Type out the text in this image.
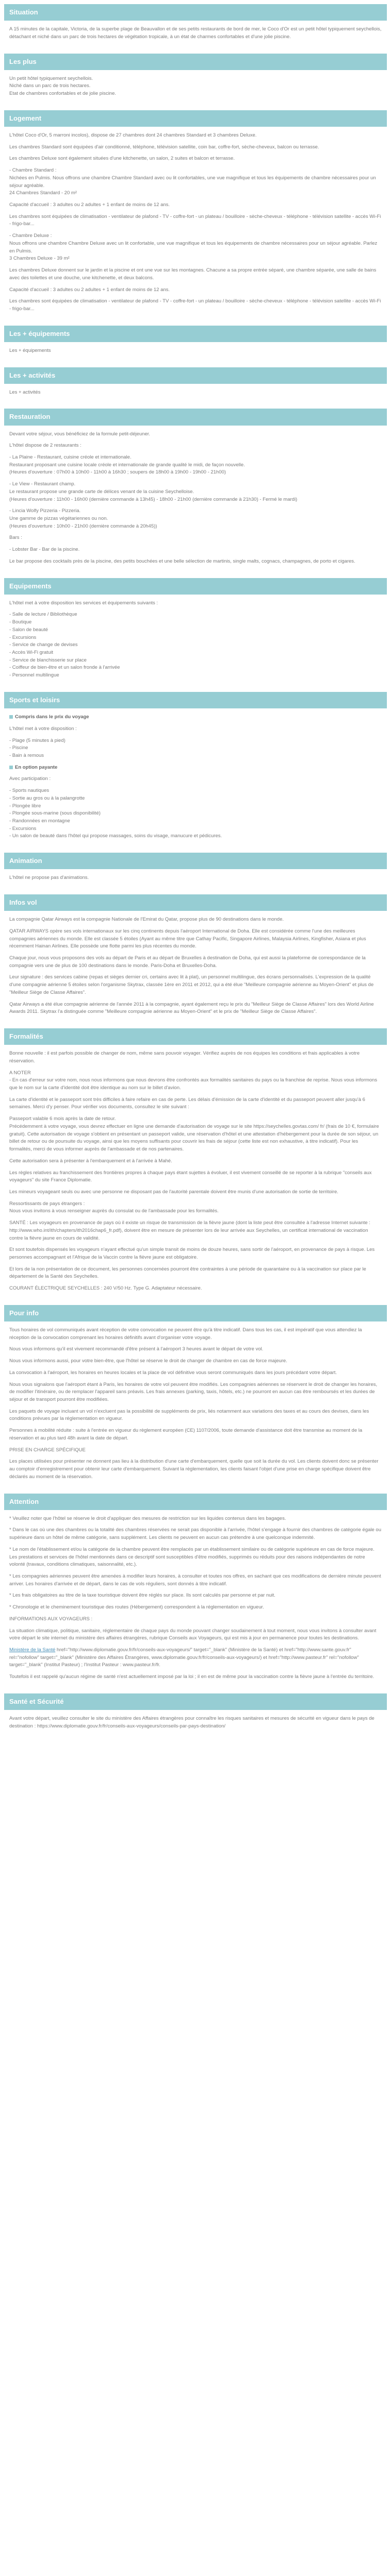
Situation

A 15 minutes de la capitale, Victoria, de la superbe plage de Beauvallon et de ses petits restaurants de bord de mer, le Coco d'Or est un petit hôtel typiquement seychellois, détachant et niché dans un parc de trois hectares de végétation tropicale, à un état de charmes confortables et d'une jolie piscine.

Les plus

Un petit hôtel typiquement seychellois.
Niché dans un parc de trois hectares.
Etat de chambres confortables et de jolie piscine.

Logement

L'hôtel Coco d'Or, 5 marroni incolos), dispose de 27 chambres dont 24 chambres Standard et 3 chambres Deluxe.

Les chambres Standard sont équipées d'air conditionné, téléphone, télévision satellite, coin bar, coffre-fort, sèche-cheveux, balcon ou terrasse.

Les chambres Deluxe sont également situées d'une kitchenette, un salon, 2 suites et balcon et terrasse.

- Chambre Standard :
Nichées en Pulmis. Nous offrons une chambre Chambre Standard avec ou lit confortables, une vue magnifique et tous les équipements de chambre nécessaires pour un séjour agréable.
24 Chambres Standard - 20 m²

Capacité d'accueil : 3 adultes ou 2 adultes + 1 enfant de moins de 12 ans.

Les chambres sont équipées de climatisation - ventilateur de plafond - TV - coffre-fort - un plateau / bouilloire - sèche-cheveux - téléphone - télévision satellite - accès Wi-Fi - frigo-bar...

- Chambre Deluxe :
Nous offrons une chambre Chambre Deluxe avec un lit confortable, une vue magnifique et tous les équipements de chambre nécessaires pour un séjour agréable. Parlez en Pulmis.
3 Chambres Deluxe - 39 m²

Les chambres Deluxe donnent sur le jardin et la piscine et ont une vue sur les montagnes. Chacune a sa propre entrée séparé, une chambre séparée, une salle de bains avec des toilettes et une douche, une kitchenette, et deux balcons.

Capacité d'accueil : 3 adultes ou 2 adultes + 1 enfant de moins de 12 ans.

Les chambres sont équipées de climatisation - ventilateur de plafond - TV - coffre-fort - un plateau / bouilloire - sèche-cheveux - téléphone - télévision satellite - accès Wi-Fi - frigo-bar...

Les + équipements

Les + équipements

Les + activités

Les + activités

Restauration

Devant votre séjour, vous bénéficiez de la formule petit-déjeuner.

L'hôtel dispose de 2 restaurants :

- La Plaine - Restaurant, cuisine créole et internationale.
Restaurant proposant une cuisine locale créole et internationale de grande qualité le midi, de façon nouvelle.
(Heures d'ouverture : 07h00 à 10h00 - 11h00 à 16h30 ; soupers de 18h00 à 19h00 - 19h00 - 21h00)

- Le View - Restaurant champ.
Le restaurant propose une grande carte de délices venant de la cuisine Seychelloise.
(Heures d'ouverture : 11h00 - 16h00 (dernière commande à 13h45) - 18h00 - 21h00 (dernière commande à 21h30) - Fermé le mardi)

- Lincia Wolfy Pizzeria - Pizzeria.
Une gamme de pizzas végétariennes ou non.
(Heures d'ouverture : 10h00 - 21h00 (dernière commande à 20h45))

Bars :

- Lobster Bar - Bar de la piscine.

Le bar propose des cocktails près de la piscine, des petits bouchées et une belle sélection de martinis, single malts, cognacs, champagnes, de porto et cigares.

Equipements

L'hôtel met à votre disposition les services et équipements suivants :

- Salle de lecture / Bibliothèque
- Boutique
- Salon de beauté
- Excursions
- Service de change de devises
- Accès Wi-Fi gratuit
- Service de blanchisserie sur place
- Coiffeur de bien-être et un salon fronde à l'arrivée
- Personnel multilingue

Sports et loisirs

Compris dans le prix du voyage

L'hôtel met à votre disposition :

- Plage (5 minutes à pied)
- Piscine
- Bain à remous

En option payante

Avec participation :

- Sports nautiques
- Sortie au gros ou à la palangrotte
- Plongée libre
- Plongée sous-marine (sous disponibilité)
- Randonnées en montagne
- Excursions
- Un salon de beauté dans l'hôtel qui propose massages, soins du visage, manucure et pédicures.

Animation

L'hôtel ne propose pas d'animations.

Infos vol

La compagnie Qatar Airways est la compagnie Nationale de l'Emirat du Qatar, propose plus de 90 destinations dans le monde.

QATAR AIRWAYS opère ses vols internationaux sur les cinq continents depuis l'aéroport International de Doha. Elle est considérée comme l'une des meilleures compagnies aériennes du monde. Elle est classée 5 étoiles (Ayant au même titre que Cathay Pacific, Singapore Airlines, Malaysia Airlines, Kingfisher, Asiana et plus récemment Hainan Airlines. Elle possède une flotte parmi les plus récentes du monde.

Chaque jour, nous vous proposons des vols au départ de Paris et au départ de Bruxelles à destination de Doha, qui est aussi la plateforme de correspondance de la compagnie vers une de plus de 100 destinations dans le monde. Paris-Doha et Bruxelles-Doha.

Leur signature : des services cabine (repas et sièges dernier cri, certains avec lit à plat), un personnel multilingue, des écrans personnalisés. L'expression de la qualité d'une compagnie aérienne 5 étoiles selon l'organisme Skytrax, classée 1ère en 2011 et 2012, qui a été élue "Meilleure compagnie aérienne au Moyen-Orient" et plus de "Meilleur Siège de Classe Affaires".

Qatar Airways a été élue compagnie aérienne de l'année 2011 à la compagnie, ayant également reçu le prix du "Meilleur Siège de Classe Affaires" lors des World Airline Awards 2011. Skytrax l'a distinguée comme "Meilleure compagnie aérienne au Moyen-Orient" et le prix de "Meilleur Siège de Classe Affaires".

Formalités

Bonne nouvelle : il est parfois possible de changer de nom, même sans pouvoir voyager. Vérifiez auprès de nos équipes les conditions et frais applicables à votre réservation.

A NOTER
- En cas d'erreur sur votre nom, nous nous informons que nous devrons être confrontés aux formalités sanitaires du pays ou la franchise de reprise. Nous vous informons que le nom sur la carte d'identité doit être identique au nom sur le billet d'avion.

La carte d'identité et le passeport sont très difficiles à faire refaire en cas de perte. Les délais d'émission de la carte d'identité et du passeport peuvent aller jusqu'à 6 semaines. Merci d'y penser. Pour vérifier vos documents, consultez le site suivant :

Passeport valable 6 mois après la date de retour.
Précédemment à votre voyage, vous devrez effectuer en ligne une demande d'autorisation de voyage sur le site https://seychelles.govtas.com/ fr/ (frais de 10 €, formulaire gratuit). Cette autorisation de voyage s'obtient en présentant un passeport valide, une réservation d'hôtel et une attestation d'hébergement pour la durée de son séjour, un billet de retour ou de poursuite du voyage, ainsi que les moyens suffisants pour couvrir les frais de séjour (cette liste est non exhaustive, à titre indicatif). Pour les formalités, merci de vous informer auprès de l'ambassade et de nos partenaires.

Cette autorisation sera à présenter à l'embarquement et à l'arrivée à Mahé.

Les règles relatives au franchissement des frontières propres à chaque pays étant sujettes à évoluer, il est vivement conseillé de se reporter à la rubrique "conseils aux voyageurs" du site France Diplomatie.

Les mineurs voyageant seuls ou avec une personne ne disposant pas de l'autorité parentale doivent être munis d'une autorisation de sortie de territoire.

Ressortissants de pays étrangers :
Nous vous invitons à vous renseigner auprès du consulat ou de l'ambassade pour les formalités.

SANTÉ : Les voyageurs en provenance de pays où il existe un risque de transmission de la fièvre jaune (dont la liste peut être consultée à l'adresse Internet suivante : http://www.who.int/ith/chapters/ith2016chap6_fr.pdf), doivent être en mesure de présenter lors de leur arrivée aux Seychelles, un certificat international de vaccination contre la fièvre jaune en cours de validité.

Et sont toutefois dispensés les voyageurs n'ayant effectué qu'un simple transit de moins de douze heures, sans sortir de l'aéroport, en provenance de pays à risque. Les personnes accompagnant et l'Afrique de la Vaccin contre la fièvre jaune est obligatoire.

Et lors de la non présentation de ce document, les personnes concernées pourront être contraintes à une période de quarantaine ou à la vaccination sur place par le département de la Santé des Seychelles.

COURANT ÉLECTRIQUE SEYCHELLES : 240 V/50 Hz. Type G. Adaptateur nécessaire.

Pour info

Tous horaires de vol communiqués avant réception de votre convocation ne peuvent être qu'à titre indicatif. Dans tous les cas, il est impératif que vous attendiez la réception de la convocation comprenant les horaires définitifs avant d'organiser votre voyage.

Nous vous informons qu'il est vivement recommandé d'être présent à l'aéroport 3 heures avant le départ de votre vol.

Nous vous informons aussi, pour votre bien-être, que l'hôtel se réserve le droit de changer de chambre en cas de force majeure.

La convocation à l'aéroport, les horaires en heures locales et la place de vol définitive vous seront communiqués dans les jours précédant votre départ.

Nous vous signalons que l'aéroport étant à Paris, les horaires de votre vol peuvent être modifiés. Les compagnies aériennes se réservent le droit de changer les horaires, de modifier l'itinéraire, ou de remplacer l'appareil sans préavis. Les frais annexes (parking, taxis, hôtels, etc.) ne pourront en aucun cas être remboursés et les durées de séjour et de transport pourront être modifiées.

Les paquets de voyage incluant un vol n'excluent pas la possibilité de suppléments de prix, liés notamment aux variations des taxes et au cours des devises, dans les conditions prévues par la réglementation en vigueur.

Personnes à mobilité réduite : suite à l'entrée en vigueur du règlement européen (CE) 1107/2006, toute demande d'assistance doit être transmise au moment de la réservation et au plus tard 48h avant la date de départ.

PRISE EN CHARGE SPÉCIFIQUE

Les places utilisées pour présenter ne donnent pas lieu à la distribution d'une carte d'embarquement, quelle que soit la durée du vol. Les clients doivent donc se présenter au comptoir d'enregistrement pour obtenir leur carte d'embarquement. Suivant la réglementation, les clients faisant l'objet d'une prise en charge spécifique doivent être déclarés au moment de la réservation.

Attention

* Veuillez noter que l'hôtel se réserve le droit d'appliquer des mesures de restriction sur les liquides contenus dans les bagages.

* Dans le cas où une des chambres ou la totalité des chambres réservées ne serait pas disponible à l'arrivée, l'hôtel s'engage à fournir des chambres de catégorie égale ou supérieure dans un hôtel de même catégorie, sans supplément. Les clients ne peuvent en aucun cas prétendre à une quelconque indemnité.

* Le nom de l'établissement et/ou la catégorie de la chambre peuvent être remplacés par un établissement similaire ou de catégorie supérieure en cas de force majeure. Les prestations et services de l'hôtel mentionnés dans ce descriptif sont susceptibles d'être modifiés, supprimés ou réduits pour des raisons indépendantes de notre volonté (travaux, conditions climatiques, saisonnalité, etc.).

* Les compagnies aériennes peuvent être amenées à modifier leurs horaires, à consulter et toutes nos offres, en sachant que ces modifications de dernière minute peuvent arriver. Les horaires d'arrivée et de départ, dans le cas de vols réguliers, sont donnés à titre indicatif.

* Les frais obligatoires au titre de la taxe touristique doivent être réglés sur place. Ils sont calculés par personne et par nuit.

* Chronologie et le cheminement touristique des routes (Hébergement) correspondent à la réglementation en vigueur.

INFORMATIONS AUX VOYAGEURS :

La situation climatique, politique, sanitaire, réglementaire de chaque pays du monde pouvant changer soudainement à tout moment, nous vous invitons à consulter avant votre départ le site internet du ministère des affaires étrangères, rubrique Conseils aux Voyageurs, qui est mis à jour en permanence pour toutes les destinations.

Ministère de la Santé href="http://www.diplomatie.gouv.fr/fr/conseils-aux-voyageurs/" target="_blank" (Ministère de la Santé) et href="http://www.sante.gouv.fr" rel="nofollow" target="_blank" (Ministère des Affaires Étrangères, www.diplomatie.gouv.fr/fr/conseils-aux-voyageurs/) et href="http://www.pasteur.fr" rel="nofollow" target="_blank" (Institut Pasteur) ; l'Institut Pasteur : www.pasteur.fr/fr.

Toutefois il est rappelé qu'aucun régime de santé n'est actuellement imposé par la loi ; il en est de même pour la vaccination contre la fièvre jaune à l'entrée du territoire.

Santé et Sécurité

Avant votre départ, veuillez consulter le site du ministère des Affaires étrangères pour connaître les risques sanitaires et mesures de sécurité en vigueur dans le pays de destination : https://www.diplomatie.gouv.fr/fr/conseils-aux-voyageurs/conseils-par-pays-destination/
